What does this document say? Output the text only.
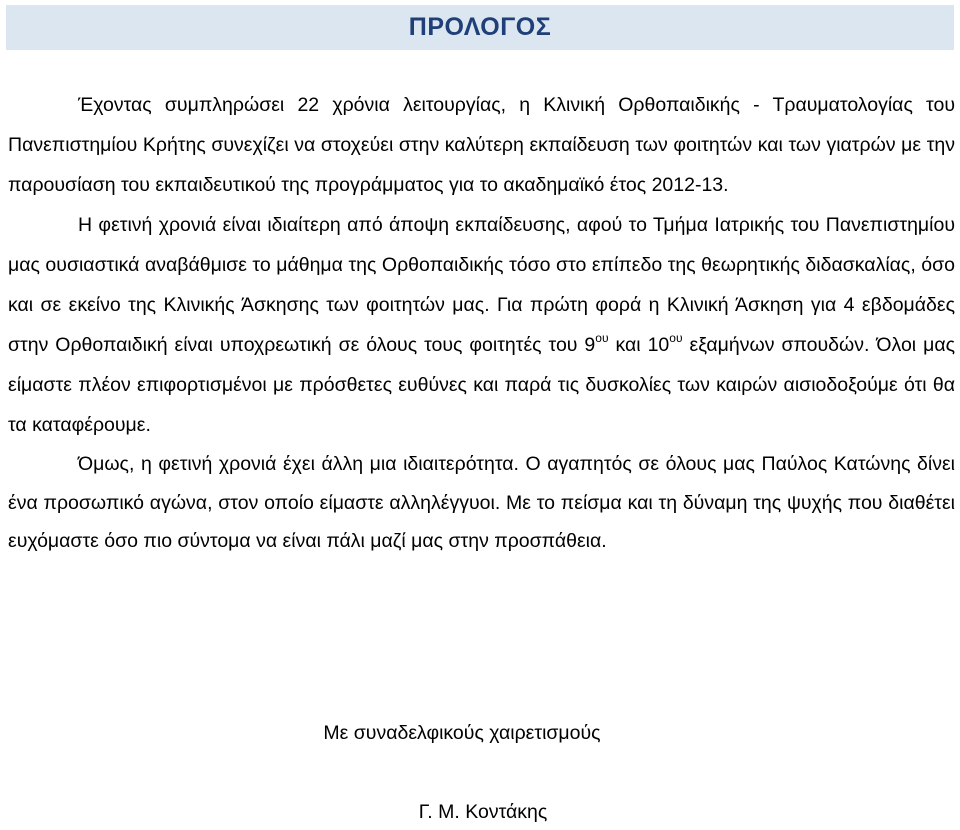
ΠΡΟΛΟΓΟΣ

Έχοντας συμπληρώσει 22 χρόνια λειτουργίας, η Κλινική Ορθοπαιδικής - Τραυματολογίας του Πανεπιστημίου Κρήτης συνεχίζει να στοχεύει στην καλύτερη εκπαίδευση των φοιτητών και των γιατρών με την παρουσίαση του εκπαιδευτικού της προγράμματος για το ακαδημαϊκό έτος 2012-13.

Η φετινή χρονιά είναι ιδιαίτερη από άποψη εκπαίδευσης, αφού το Τμήμα Ιατρικής του Πανεπιστημίου μας ουσιαστικά αναβάθμισε το μάθημα της Ορθοπαιδικής τόσο στο επίπεδο της θεωρητικής διδασκαλίας, όσο και σε εκείνο της Κλινικής Άσκησης των φοιτητών μας. Για πρώτη φορά η Κλινική Άσκηση για 4 εβδομάδες στην Ορθοπαιδική είναι υποχρεωτική σε όλους τους φοιτητές του $9^{o\upsilon}$ και $10^{o\upsilon}$ εξαμήνων σπουδών. Όλοι μας είμαστε πλέον επιφορτισμένοι με πρόσθετες ευθύνες και παρά τις δυσκολίες των καιρών αισιοδοξούμε ότι θα τα καταφέρουμε.

Όμως, η φετινή χρονιά έχει άλλη μια ιδιαιτερότητα. Ο αγαπητός σε όλους μας Παύλος Κατώνης δίνει ένα προσωπικό αγώνα, στον οποίο είμαστε αλληλέγγυοι. Με το πείσμα και τη δύναμη της ψυχής που διαθέτει ευχόμαστε όσο πιο σύντομα να είναι πάλι μαζί μας στην προσπάθεια.

Με συναδελφικούς χαιρετισμούς
Γ. Μ. Κοντάκης
